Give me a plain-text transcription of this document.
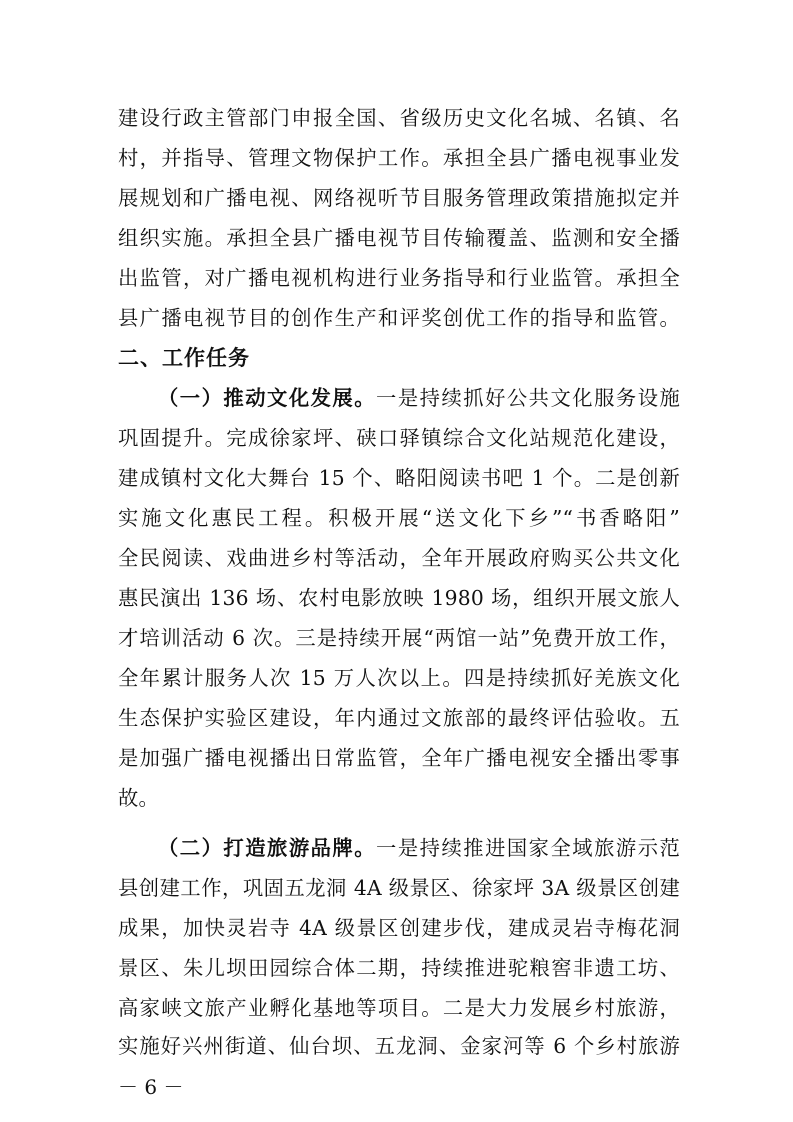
建设行政主管部门申报全国、省级历史文化名城、名镇、名
村，并指导、管理文物保护工作。承担全县广播电视事业发
展规划和广播电视、网络视听节目服务管理政策措施拟定并
组织实施。承担全县广播电视节目传输覆盖、监测和安全播
出监管，对广播电视机构进行业务指导和行业监管。承担全
县广播电视节目的创作生产和评奖创优工作的指导和监管。
二、工作任务
（一）推动文化发展。一是持续抓好公共文化服务设施
巩固提升。完成徐家坪、硖口驿镇综合文化站规范化建设，
建成镇村文化大舞台 15 个、略阳阅读书吧 1 个。二是创新
实施文化惠民工程。积极开展“送文化下乡”“书香略阳”
全民阅读、戏曲进乡村等活动，全年开展政府购买公共文化
惠民演出 136 场、农村电影放映 1980 场，组织开展文旅人
才培训活动 6 次。三是持续开展“两馆一站”免费开放工作，
全年累计服务人次 15 万人次以上。四是持续抓好羌族文化
生态保护实验区建设，年内通过文旅部的最终评估验收。五
是加强广播电视播出日常监管，全年广播电视安全播出零事
故。
（二）打造旅游品牌。一是持续推进国家全域旅游示范
县创建工作，巩固五龙洞 4A 级景区、徐家坪 3A 级景区创建
成果，加快灵岩寺 4A 级景区创建步伐，建成灵岩寺梅花洞
景区、朱儿坝田园综合体二期，持续推进驼粮窖非遗工坊、
高家峡文旅产业孵化基地等项目。二是大力发展乡村旅游，
实施好兴州街道、仙台坝、五龙洞、金家河等 6 个乡村旅游
－ 6 －
